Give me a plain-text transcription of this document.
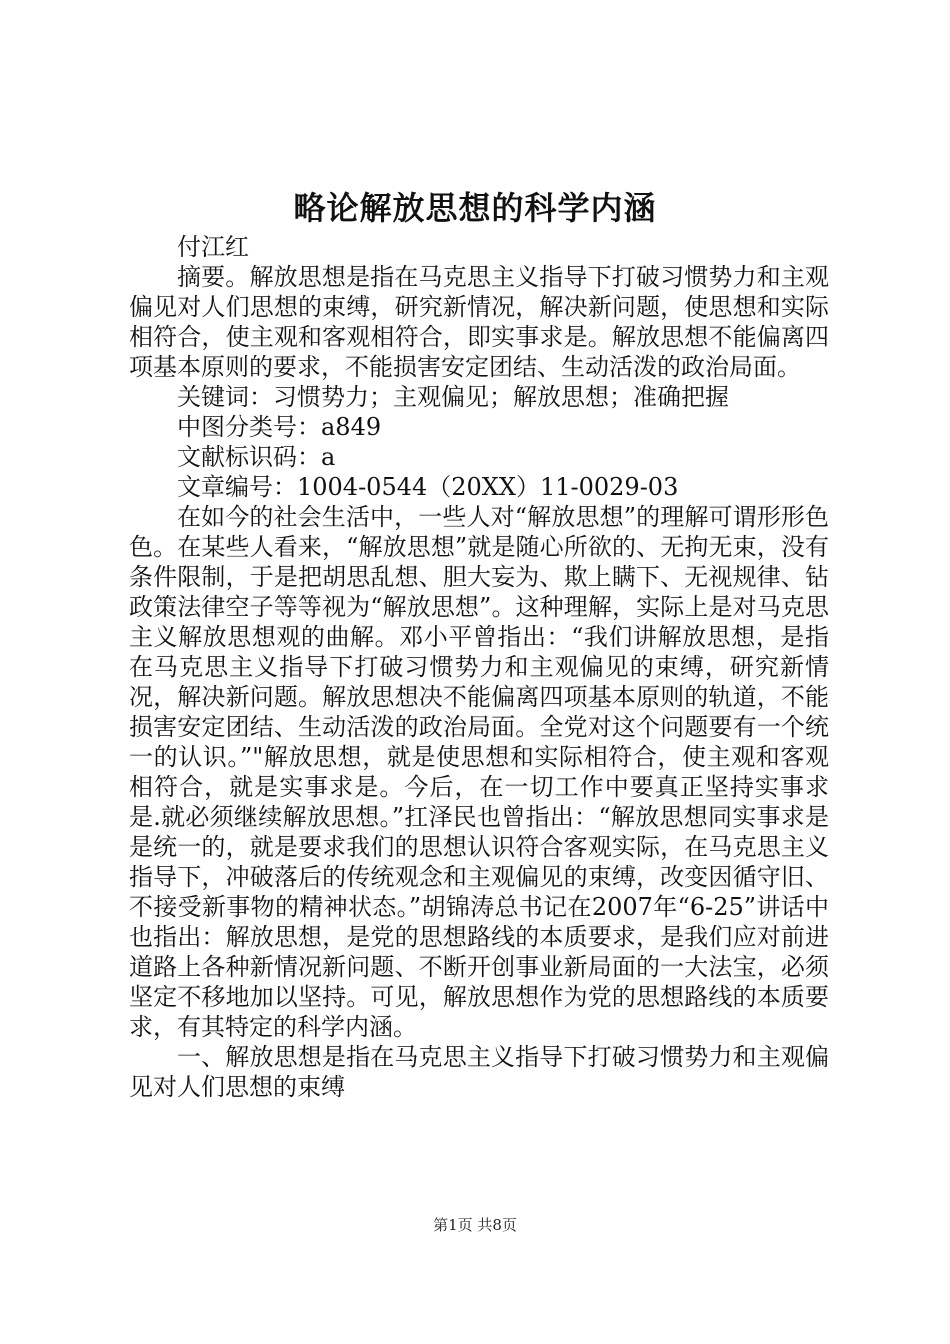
略论解放思想的科学内涵

付江红

摘要。解放思想是指在马克思主义指导下打破习惯势力和主观偏见对人们思想的束缚，研究新情况，解决新问题，使思想和实际相符合，使主观和客观相符合，即实事求是。解放思想不能偏离四项基本原则的要求，不能损害安定团结、生动活泼的政治局面。

关键词：习惯势力；主观偏见；解放思想；准确把握

中图分类号：a849

文献标识码：a

文章编号：1004-0544（20XX）11-0029-03

在如今的社会生活中，一些人对“解放思想”的理解可谓形形色色。在某些人看来，“解放思想”就是随心所欲的、无拘无束，没有条件限制，于是把胡思乱想、胆大妄为、欺上瞒下、无视规律、钻政策法律空子等等视为“解放思想”。这种理解，实际上是对马克思主义解放思想观的曲解。邓小平曾指出：“我们讲解放思想，是指在马克思主义指导下打破习惯势力和主观偏见的束缚，研究新情况，解决新问题。解放思想决不能偏离四项基本原则的轨道，不能损害安定团结、生动活泼的政治局面。全党对这个问题要有一个统一的认识。”"解放思想，就是使思想和实际相符合，使主观和客观相符合，就是实事求是。今后，在一切工作中要真正坚持实事求是.就必须继续解放思想。”扛泽民也曾指出：“解放思想同实事求是是统一的，就是要求我们的思想认识符合客观实际，在马克思主义指导下，冲破落后的传统观念和主观偏见的束缚，改变因循守旧、不接受新事物的精神状态。”胡锦涛总书记在2007年“6-25”讲话中也指出：解放思想，是党的思想路线的本质要求，是我们应对前进道路上各种新情况新问题、不断开创事业新局面的一大法宝，必须坚定不移地加以坚持。可见，解放思想作为党的思想路线的本质要求，有其特定的科学内涵。

一、解放思想是指在马克思主义指导下打破习惯势力和主观偏见对人们思想的束缚

第1页 共8页
